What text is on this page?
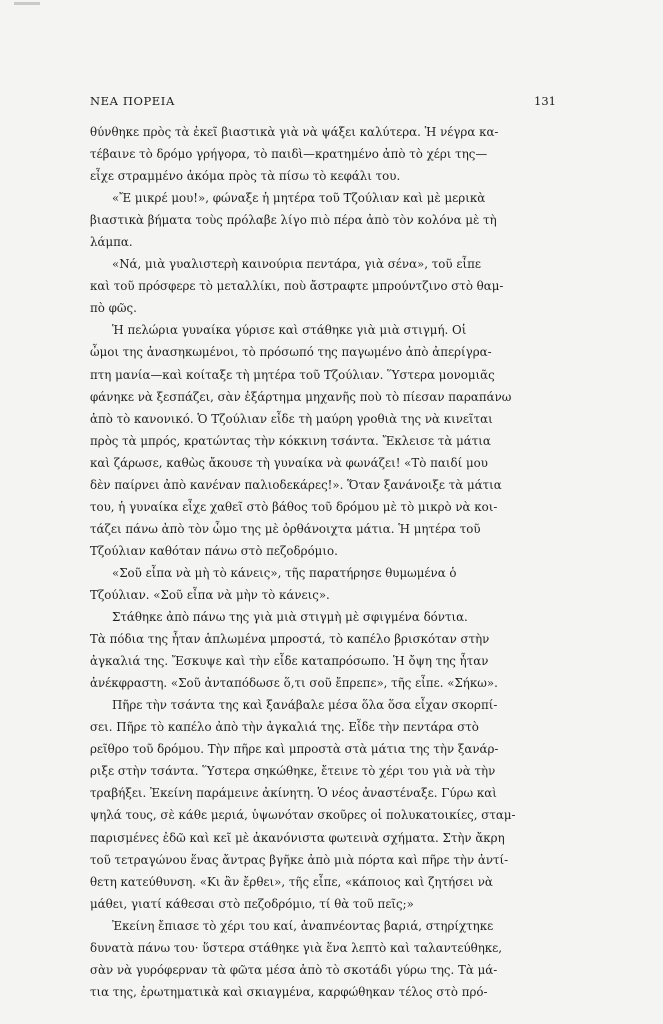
ΝΕΑ ΠΟΡΕΙΑ	131
θύνθηκε πρὸς τὰ ἐκεῖ βιαστικὰ γιὰ νὰ ψάξει καλύτερα. Ἡ νέγρα κα-
τέβαινε τὸ δρόμο γρήγορα, τὸ παιδὶ—κρατημένο ἀπὸ τὸ χέρι της—
εἶχε στραμμένο ἀκόμα πρὸς τὰ πίσω τὸ κεφάλι του.
«Ἔ μικρέ μου!», φώναξε ἡ μητέρα τοῦ Τζούλιαν καὶ μὲ μερικὰ
βιαστικὰ βήματα τοὺς πρόλαβε λίγο πιὸ πέρα ἀπὸ τὸν κολόνα μὲ τὴ
λάμπα.
«Νά, μιὰ γυαλιστερὴ καινούρια πεντάρα, γιὰ σένα», τοῦ εἶπε
καὶ τοῦ πρόσφερε τὸ μεταλλίκι, ποὺ ἄστραφτε μπρούντζινο στὸ θαμ-
πὸ φῶς.
Ἡ πελώρια γυναίκα γύρισε καὶ στάθηκε γιὰ μιὰ στιγμή. Οἱ
ὦμοι της ἀνασηκωμένοι, τὸ πρόσωπό της παγωμένο ἀπὸ ἀπερίγρα-
πτη μανία—καὶ κοίταξε τὴ μητέρα τοῦ Τζούλιαν. Ὕστερα μονομιᾶς
φάνηκε νὰ ξεσπάζει, σὰν ἐξάρτημα μηχανῆς ποὺ τὸ πίεσαν παραπάνω
ἀπὸ τὸ κανονικό. Ὁ Τζούλιαν εἶδε τὴ μαύρη γροθιὰ της νὰ κινεῖται
πρὸς τὰ μπρός, κρατώντας τὴν κόκκινη τσάντα. Ἔκλεισε τὰ μάτια
καὶ ζάρωσε, καθὼς ἄκουσε τὴ γυναίκα νὰ φωνάζει! «Τὸ παιδί μου
δὲν παίρνει ἀπὸ κανέναν παλιοδεκάρες!». Ὅταν ξανάνοιξε τὰ μάτια
του, ἡ γυναίκα εἶχε χαθεῖ στὸ βάθος τοῦ δρόμου μὲ τὸ μικρὸ νὰ κοι-
τάζει πάνω ἀπὸ τὸν ὦμο της μὲ ὀρθάνοιχτα μάτια. Ἡ μητέρα τοῦ
Τζούλιαν καθόταν πάνω στὸ πεζοδρόμιο.
«Σοῦ εἶπα νὰ μὴ τὸ κάνεις», τῆς παρατήρησε θυμωμένα ὁ
Τζούλιαν. «Σοῦ εἶπα νὰ μὴν τὸ κάνεις».
Στάθηκε ἀπὸ πάνω της γιὰ μιὰ στιγμὴ μὲ σφιγμένα δόντια.
Τὰ πόδια της ἦταν ἁπλωμένα μπροστά, τὸ καπέλο βρισκόταν στὴν
ἀγκαλιά της. Ἔσκυψε καὶ τὴν εἶδε καταπρόσωπο. Ἡ ὄψη της ἦταν
ἀνέκφραστη. «Σοῦ ἀνταπόδωσε ὅ,τι σοῦ ἔπρεπε», τῆς εἶπε. «Σήκω».
Πῆρε τὴν τσάντα της καὶ ξανάβαλε μέσα ὅλα ὅσα εἶχαν σκορπί-
σει. Πῆρε τὸ καπέλο ἀπὸ τὴν ἀγκαλιά της. Εἶδε τὴν πεντάρα στὸ
ρεῖθρο τοῦ δρόμου. Τὴν πῆρε καὶ μπροστὰ στὰ μάτια της τὴν ξανάρ-
ριξε στὴν τσάντα. Ὕστερα σηκώθηκε, ἔτεινε τὸ χέρι του γιὰ νὰ τὴν
τραβήξει. Ἐκείνη παράμεινε ἀκίνητη. Ὁ νέος ἀναστέναξε. Γύρω καὶ
ψηλά τους, σὲ κάθε μεριά, ὑψωνόταν σκοῦρες οἱ πολυκατοικίες, σταμ-
παρισμένες ἐδῶ καὶ κεῖ μὲ ἀκανόνιστα φωτεινὰ σχήματα. Στὴν ἄκρη
τοῦ τετραγώνου ἕνας ἄντρας βγῆκε ἀπὸ μιὰ πόρτα καὶ πῆρε τὴν ἀντί-
θετη κατεύθυνση. «Κι ἂν ἔρθει», τῆς εἶπε, «κάποιος καὶ ζητήσει νὰ
μάθει, γιατί κάθεσαι στὸ πεζοδρόμιο, τί θὰ τοῦ πεῖς;»
Ἐκείνη ἔπιασε τὸ χέρι του καί, ἀναπνέοντας βαριά, στηρίχτηκε
δυνατὰ πάνω του· ὕστερα στάθηκε γιὰ ἕνα λεπτὸ καὶ ταλαντεύθηκε,
σὰν νὰ γυρόφερναν τὰ φῶτα μέσα ἀπὸ τὸ σκοτάδι γύρω της. Τὰ μά-
τια της, ἐρωτηματικὰ καὶ σκιαγμένα, καρφώθηκαν τέλος στὸ πρό-
